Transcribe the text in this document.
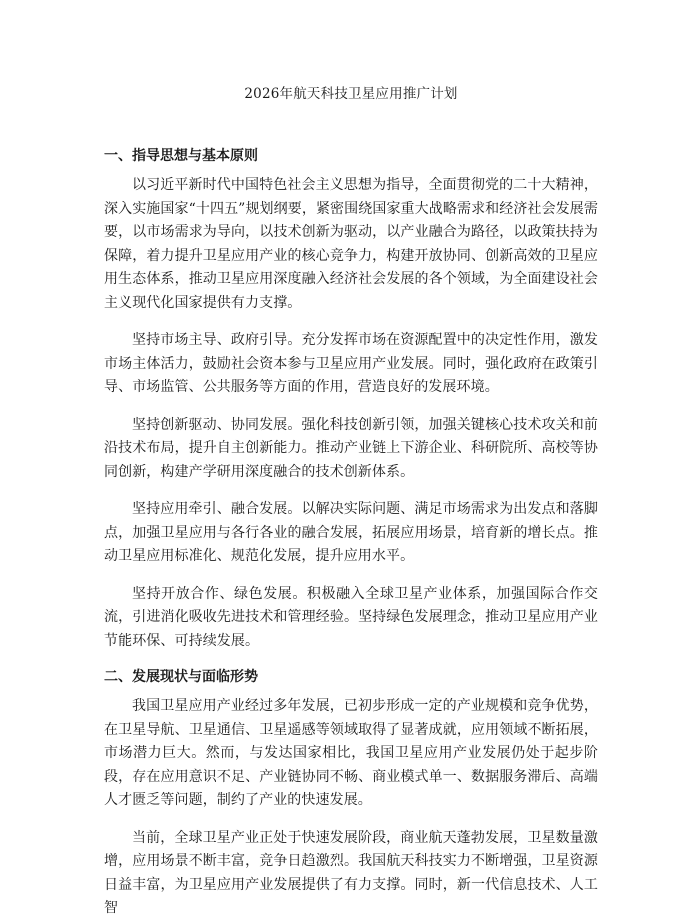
2026年航天科技卫星应用推广计划
一、指导思想与基本原则

以习近平新时代中国特色社会主义思想为指导，全面贯彻党的二十大精神，深入实施国家“十四五”规划纲要，紧密围绕国家重大战略需求和经济社会发展需要，以市场需求为导向，以技术创新为驱动，以产业融合为路径，以政策扶持为保障，着力提升卫星应用产业的核心竞争力，构建开放协同、创新高效的卫星应用生态体系，推动卫星应用深度融入经济社会发展的各个领域，为全面建设社会主义现代化国家提供有力支撑。

坚持市场主导、政府引导。充分发挥市场在资源配置中的决定性作用，激发市场主体活力，鼓励社会资本参与卫星应用产业发展。同时，强化政府在政策引导、市场监管、公共服务等方面的作用，营造良好的发展环境。

坚持创新驱动、协同发展。强化科技创新引领，加强关键核心技术攻关和前沿技术布局，提升自主创新能力。推动产业链上下游企业、科研院所、高校等协同创新，构建产学研用深度融合的技术创新体系。

坚持应用牵引、融合发展。以解决实际问题、满足市场需求为出发点和落脚点，加强卫星应用与各行各业的融合发展，拓展应用场景，培育新的增长点。推动卫星应用标准化、规范化发展，提升应用水平。

坚持开放合作、绿色发展。积极融入全球卫星产业体系，加强国际合作交流，引进消化吸收先进技术和管理经验。坚持绿色发展理念，推动卫星应用产业节能环保、可持续发展。

二、发展现状与面临形势

我国卫星应用产业经过多年发展，已初步形成一定的产业规模和竞争优势，在卫星导航、卫星通信、卫星遥感等领域取得了显著成就，应用领域不断拓展，市场潜力巨大。然而，与发达国家相比，我国卫星应用产业发展仍处于起步阶段，存在应用意识不足、产业链协同不畅、商业模式单一、数据服务滞后、高端人才匮乏等问题，制约了产业的快速发展。

当前，全球卫星产业正处于快速发展阶段，商业航天蓬勃发展，卫星数量激增，应用场景不断丰富，竞争日趋激烈。我国航天科技实力不断增强，卫星资源日益丰富，为卫星应用产业发展提供了有力支撑。同时，新一代信息技术、人工智
